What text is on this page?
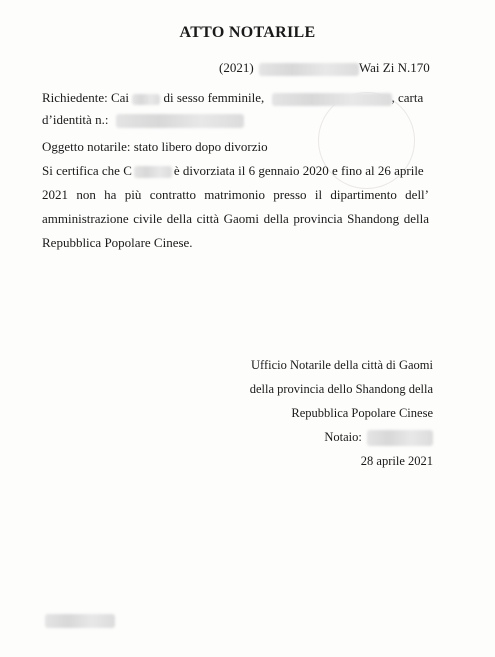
ATTO NOTARILE
(2021)	Wai Zi N.170
Richiedente: Cai	di sesso femminile,	, carta
d’identità n.:
Oggetto notarile: stato libero dopo divorzio
Si certifica che C	è divorziata il 6 gennaio 2020 e fino al 26 aprile
2021 non ha più contratto matrimonio presso il dipartimento dell’
amministrazione civile della città Gaomi della provincia Shandong della
Repubblica Popolare Cinese.
Ufficio Notarile della città di Gaomi
della provincia dello Shandong della
Repubblica Popolare Cinese
Notaio:
28 aprile 2021
